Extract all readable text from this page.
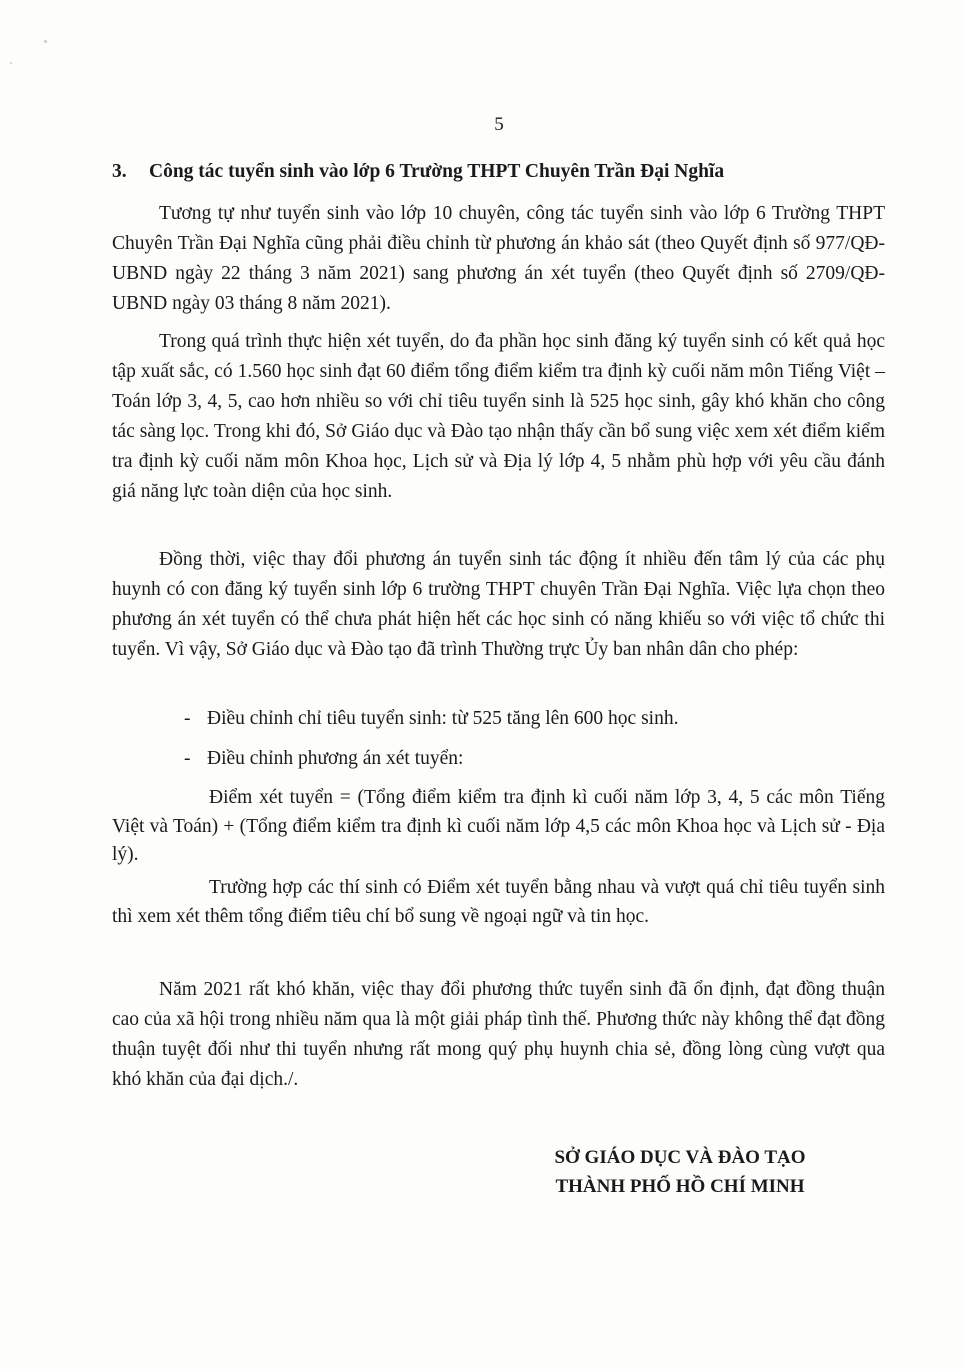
5
3. Công tác tuyển sinh vào lớp 6 Trường THPT Chuyên Trần Đại Nghĩa

Tương tự như tuyển sinh vào lớp 10 chuyên, công tác tuyển sinh vào lớp 6 Trường THPT Chuyên Trần Đại Nghĩa cũng phải điều chỉnh từ phương án khảo sát (theo Quyết định số 977/QĐ-UBND ngày 22 tháng 3 năm 2021) sang phương án xét tuyển (theo Quyết định số 2709/QĐ-UBND ngày 03 tháng 8 năm 2021).

Trong quá trình thực hiện xét tuyển, do đa phần học sinh đăng ký tuyển sinh có kết quả học tập xuất sắc, có 1.560 học sinh đạt 60 điểm tổng điểm kiểm tra định kỳ cuối năm môn Tiếng Việt – Toán lớp 3, 4, 5, cao hơn nhiều so với chỉ tiêu tuyển sinh là 525 học sinh, gây khó khăn cho công tác sàng lọc. Trong khi đó, Sở Giáo dục và Đào tạo nhận thấy cần bổ sung việc xem xét điểm kiểm tra định kỳ cuối năm môn Khoa học, Lịch sử và Địa lý lớp 4, 5 nhằm phù hợp với yêu cầu đánh giá năng lực toàn diện của học sinh.

Đồng thời, việc thay đổi phương án tuyển sinh tác động ít nhiều đến tâm lý của các phụ huynh có con đăng ký tuyển sinh lớp 6 trường THPT chuyên Trần Đại Nghĩa. Việc lựa chọn theo phương án xét tuyển có thể chưa phát hiện hết các học sinh có năng khiếu so với việc tổ chức thi tuyển. Vì vậy, Sở Giáo dục và Đào tạo đã trình Thường trực Ủy ban nhân dân cho phép:

- Điều chỉnh chỉ tiêu tuyển sinh: từ 525 tăng lên 600 học sinh.
- Điều chỉnh phương án xét tuyển:

Điểm xét tuyển = (Tổng điểm kiểm tra định kì cuối năm lớp 3, 4, 5 các môn Tiếng Việt và Toán) + (Tổng điểm kiểm tra định kì cuối năm lớp 4,5 các môn Khoa học và Lịch sử - Địa lý).

Trường hợp các thí sinh có Điểm xét tuyển bằng nhau và vượt quá chỉ tiêu tuyển sinh thì xem xét thêm tổng điểm tiêu chí bổ sung về ngoại ngữ và tin học.

Năm 2021 rất khó khăn, việc thay đổi phương thức tuyển sinh đã ổn định, đạt đồng thuận cao của xã hội trong nhiều năm qua là một giải pháp tình thế. Phương thức này không thể đạt đồng thuận tuyệt đối như thi tuyển nhưng rất mong quý phụ huynh chia sẻ, đồng lòng cùng vượt qua khó khăn của đại dịch./.

SỞ GIÁO DỤC VÀ ĐÀO TẠO
THÀNH PHỐ HỒ CHÍ MINH
